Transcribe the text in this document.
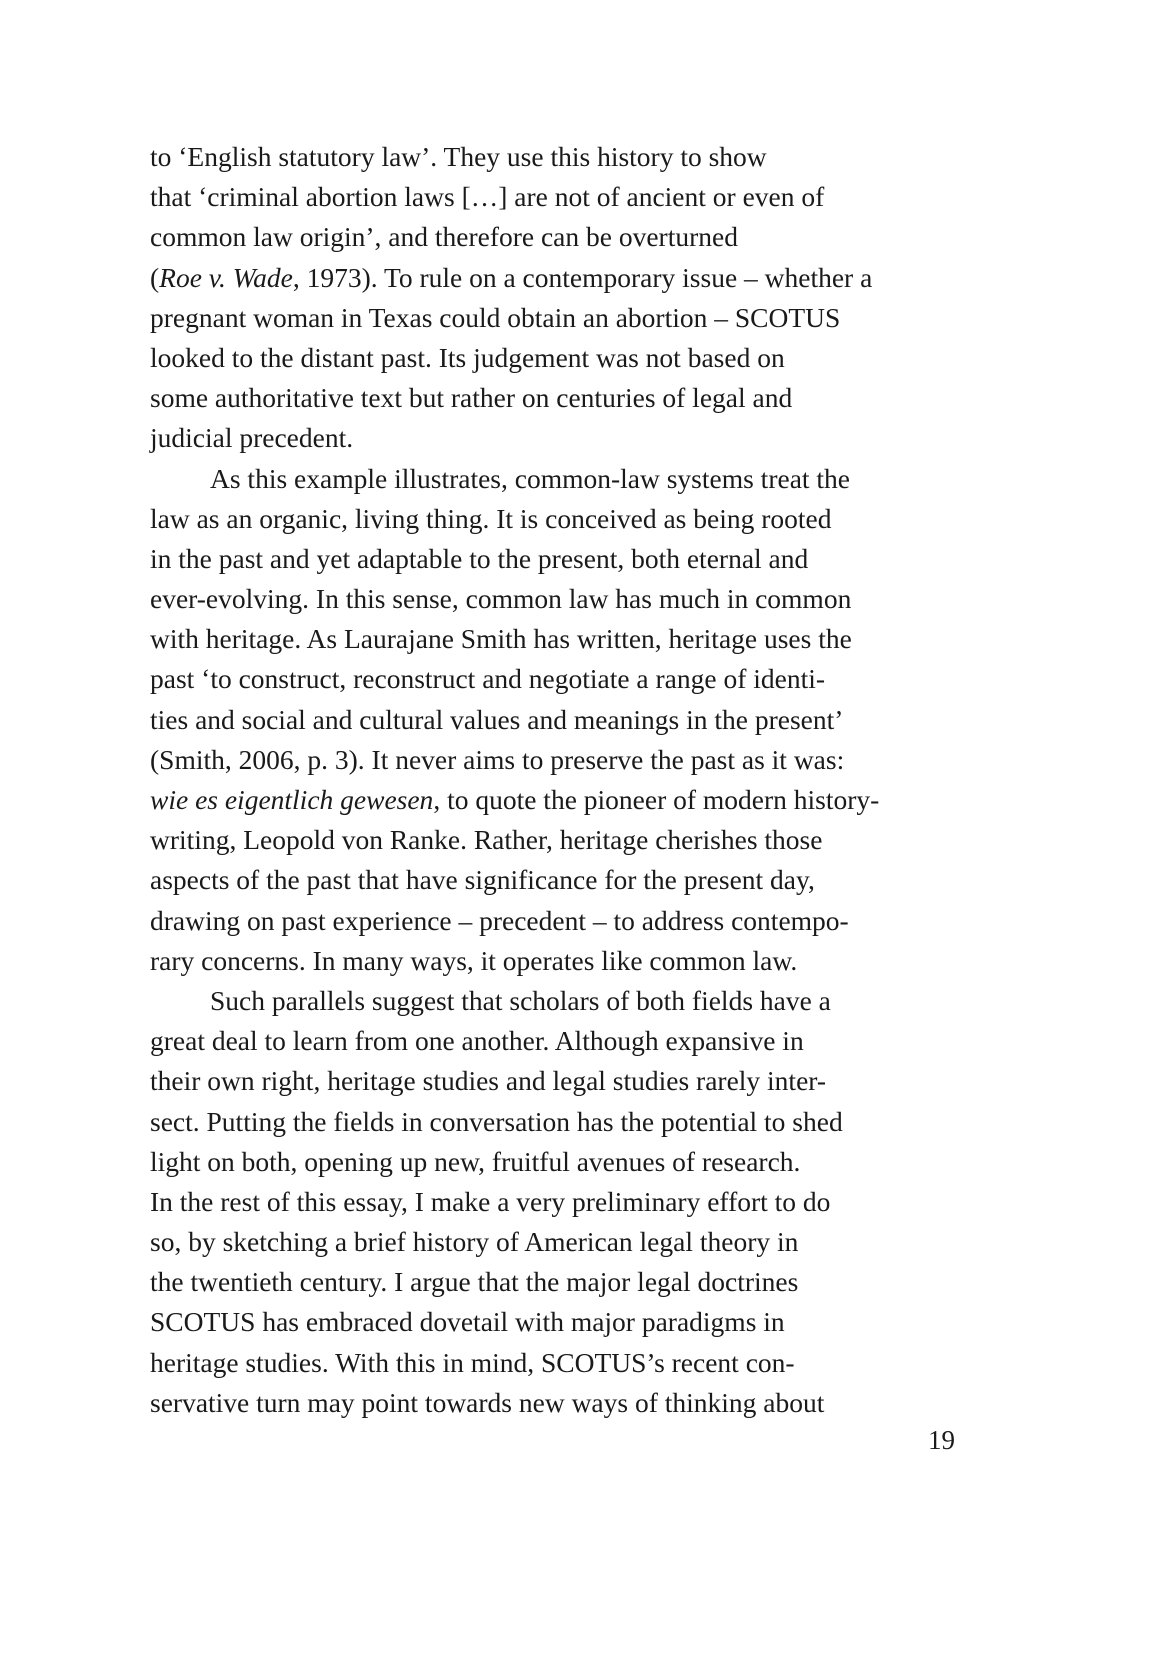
to ‘English statutory law’. They use this history to show
that ‘criminal abortion laws […] are not of ancient or even of
common law origin’, and therefore can be overturned
(Roe v. Wade, 1973). To rule on a contemporary issue – whether a
pregnant woman in Texas could obtain an abortion – SCOTUS
looked to the distant past. Its judgement was not based on
some authoritative text but rather on centuries of legal and
judicial precedent.
As this example illustrates, common-law systems treat the
law as an organic, living thing. It is conceived as being rooted
in the past and yet adaptable to the present, both eternal and
ever-evolving. In this sense, common law has much in common
with heritage. As Laurajane Smith has written, heritage uses the
past ‘to construct, reconstruct and negotiate a range of identi-
ties and social and cultural values and meanings in the present’
(Smith, 2006, p. 3). It never aims to preserve the past as it was:
wie es eigentlich gewesen, to quote the pioneer of modern history-
writing, Leopold von Ranke. Rather, heritage cherishes those
aspects of the past that have significance for the present day,
drawing on past experience – precedent – to address contempo-
rary concerns. In many ways, it operates like common law.
Such parallels suggest that scholars of both fields have a
great deal to learn from one another. Although expansive in
their own right, heritage studies and legal studies rarely inter-
sect. Putting the fields in conversation has the potential to shed
light on both, opening up new, fruitful avenues of research.
In the rest of this essay, I make a very preliminary effort to do
so, by sketching a brief history of American legal theory in
the twentieth century. I argue that the major legal doctrines
SCOTUS has embraced dovetail with major paradigms in
heritage studies. With this in mind, SCOTUS’s recent con-
servative turn may point towards new ways of thinking about
19
